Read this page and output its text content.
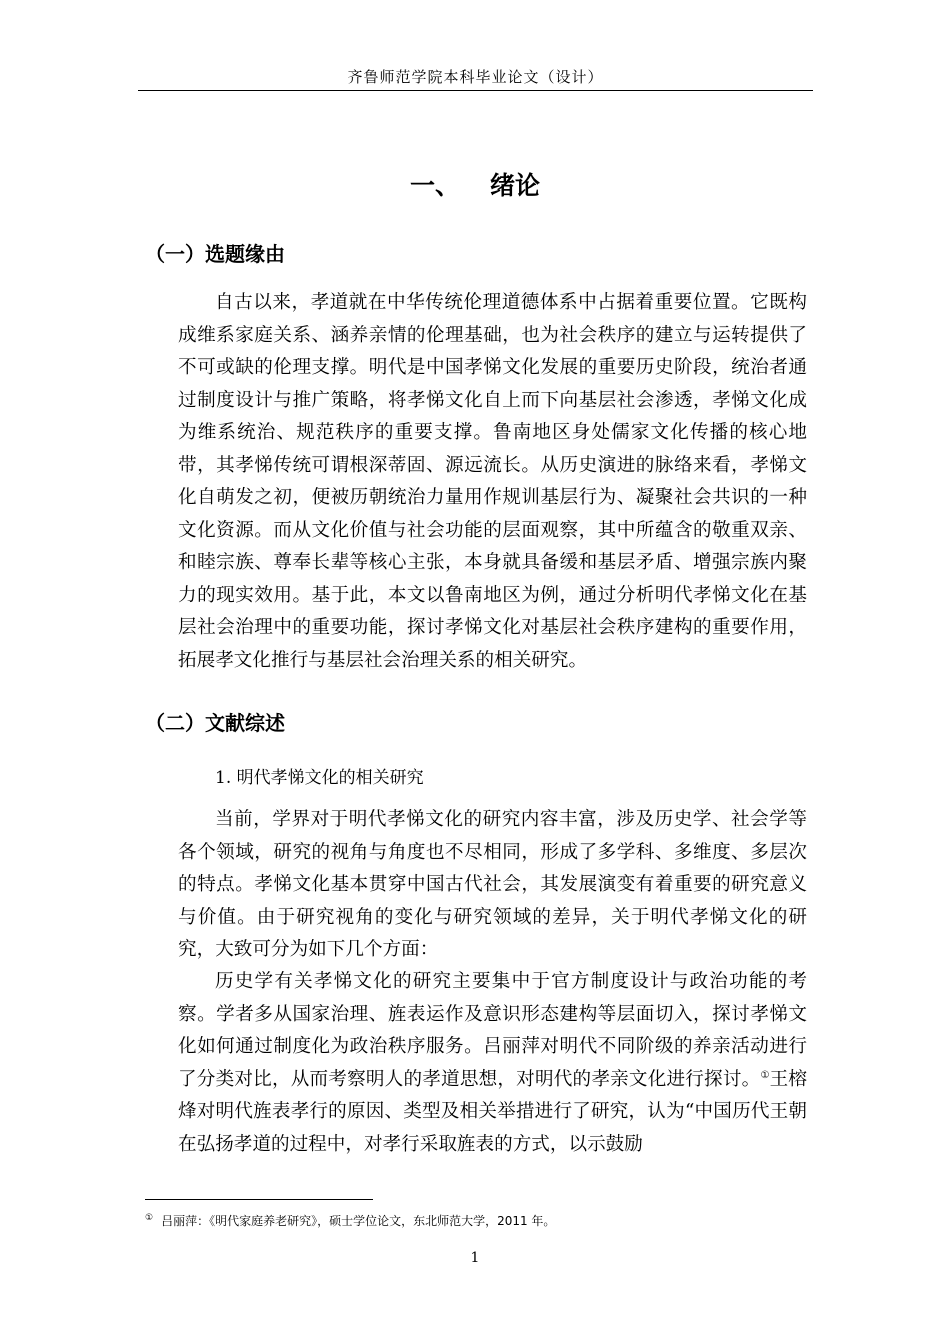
齐鲁师范学院本科毕业论文（设计）
一、 绪论
（一）选题缘由

自古以来，孝道就在中华传统伦理道德体系中占据着重要位置。它既构成维系家庭关系、涵养亲情的伦理基础，也为社会秩序的建立与运转提供了不可或缺的伦理支撑。明代是中国孝悌文化发展的重要历史阶段，统治者通过制度设计与推广策略，将孝悌文化自上而下向基层社会渗透，孝悌文化成为维系统治、规范秩序的重要支撑。鲁南地区身处儒家文化传播的核心地带，其孝悌传统可谓根深蒂固、源远流长。从历史演进的脉络来看，孝悌文化自萌发之初，便被历朝统治力量用作规训基层行为、凝聚社会共识的一种文化资源。而从文化价值与社会功能的层面观察，其中所蕴含的敬重双亲、和睦宗族、尊奉长辈等核心主张，本身就具备缓和基层矛盾、增强宗族内聚力的现实效用。基于此，本文以鲁南地区为例，通过分析明代孝悌文化在基层社会治理中的重要功能，探讨孝悌文化对基层社会秩序建构的重要作用，拓展孝文化推行与基层社会治理关系的相关研究。

（二）文献综述
1. 明代孝悌文化的相关研究

当前，学界对于明代孝悌文化的研究内容丰富，涉及历史学、社会学等各个领域，研究的视角与角度也不尽相同，形成了多学科、多维度、多层次的特点。孝悌文化基本贯穿中国古代社会，其发展演变有着重要的研究意义与价值。由于研究视角的变化与研究领域的差异，关于明代孝悌文化的研究，大致可分为如下几个方面：

历史学有关孝悌文化的研究主要集中于官方制度设计与政治功能的考察。学者多从国家治理、旌表运作及意识形态建构等层面切入，探讨孝悌文化如何通过制度化为政治秩序服务。吕丽萍对明代不同阶级的养亲活动进行了分类对比，从而考察明人的孝道思想，对明代的孝亲文化进行探讨。①王榕烽对明代旌表孝行的原因、类型及相关举措进行了研究，认为“中国历代王朝在弘扬孝道的过程中，对孝行采取旌表的方式，以示鼓励

① 吕丽萍：《明代家庭养老研究》，硕士学位论文，东北师范大学，2011 年。
1
